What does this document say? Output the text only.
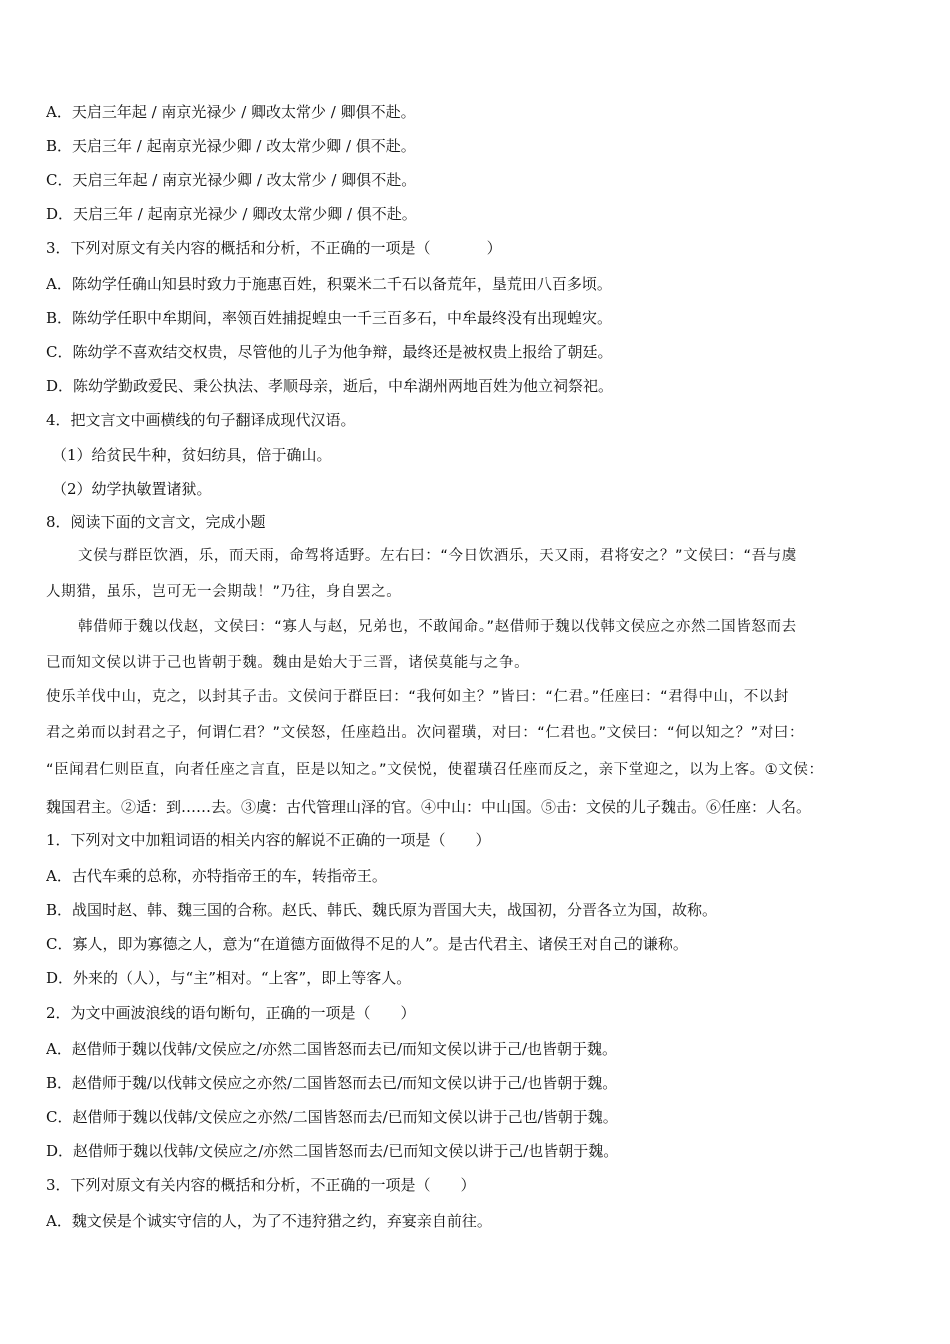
A．天启三年起 / 南京光禄少 / 卿改太常少 / 卿俱不赴。
B．天启三年 / 起南京光禄少卿 / 改太常少卿 / 俱不赴。
C．天启三年起 / 南京光禄少卿 / 改太常少 / 卿俱不赴。
D．天启三年 / 起南京光禄少 / 卿改太常少卿 / 俱不赴。
3．下列对原文有关内容的概括和分析，不正确的一项是（	）
A．陈幼学任确山知县时致力于施惠百姓，积粟米二千石以备荒年，垦荒田八百多顷。
B．陈幼学任职中牟期间，率领百姓捕捉蝗虫一千三百多石，中牟最终没有出现蝗灾。
C．陈幼学不喜欢结交权贵，尽管他的儿子为他争辩，最终还是被权贵上报给了朝廷。
D．陈幼学勤政爱民、秉公执法、孝顺母亲，逝后，中牟湖州两地百姓为他立祠祭祀。
4．把文言文中画横线的句子翻译成现代汉语。
（1）给贫民牛种，贫妇纺具，倍于确山。
（2）幼学执敏置诸狱。
8．阅读下面的文言文，完成小题
文侯与群臣饮酒，乐，而天雨，命驾将适野。左右曰：“今日饮酒乐，天又雨，君将安之？”文侯曰：“吾与虞
人期猎，虽乐，岂可无一会期哉！”乃往，身自罢之。
韩借师于魏以伐赵，文侯曰：“寡人与赵，兄弟也，不敢闻命。”赵借师于魏以伐韩文侯应之亦然二国皆怒而去
已而知文侯以讲于己也皆朝于魏。魏由是始大于三晋，诸侯莫能与之争。
使乐羊伐中山，克之，以封其子击。文侯问于群臣曰：“我何如主？”皆曰：“仁君。”任座曰：“君得中山，不以封
君之弟而以封君之子，何谓仁君？”文侯怒，任座趋出。次问翟璜，对曰：“仁君也。”文侯曰：“何以知之？”对曰：
“臣闻君仁则臣直，向者任座之言直，臣是以知之。”文侯悦，使翟璜召任座而反之，亲下堂迎之，以为上客。①文侯：
魏国君主。②适：到……去。③虞：古代管理山泽的官。④中山：中山国。⑤击：文侯的儿子魏击。⑥任座：人名。
1．下列对文中加粗词语的相关内容的解说不正确的一项是（　　）
A．古代车乘的总称，亦特指帝王的车，转指帝王。
B．战国时赵、韩、魏三国的合称。赵氏、韩氏、魏氏原为晋国大夫，战国初，分晋各立为国，故称。
C．寡人，即为寡德之人，意为“在道德方面做得不足的人”。是古代君主、诸侯王对自己的谦称。
D．外来的（人），与“主”相对。“上客”，即上等客人。
2．为文中画波浪线的语句断句，正确的一项是（　　）
A．赵借师于魏以伐韩/文侯应之/亦然二国皆怒而去已/而知文侯以讲于己/也皆朝于魏。
B．赵借师于魏/以伐韩文侯应之亦然/二国皆怒而去已/而知文侯以讲于己/也皆朝于魏。
C．赵借师于魏以伐韩/文侯应之亦然/二国皆怒而去/已而知文侯以讲于己也/皆朝于魏。
D．赵借师于魏以伐韩/文侯应之/亦然二国皆怒而去/已而知文侯以讲于己/也皆朝于魏。
3．下列对原文有关内容的概括和分析，不正确的一项是（　　）
A．魏文侯是个诚实守信的人，为了不违狩猎之约，弃宴亲自前往。
